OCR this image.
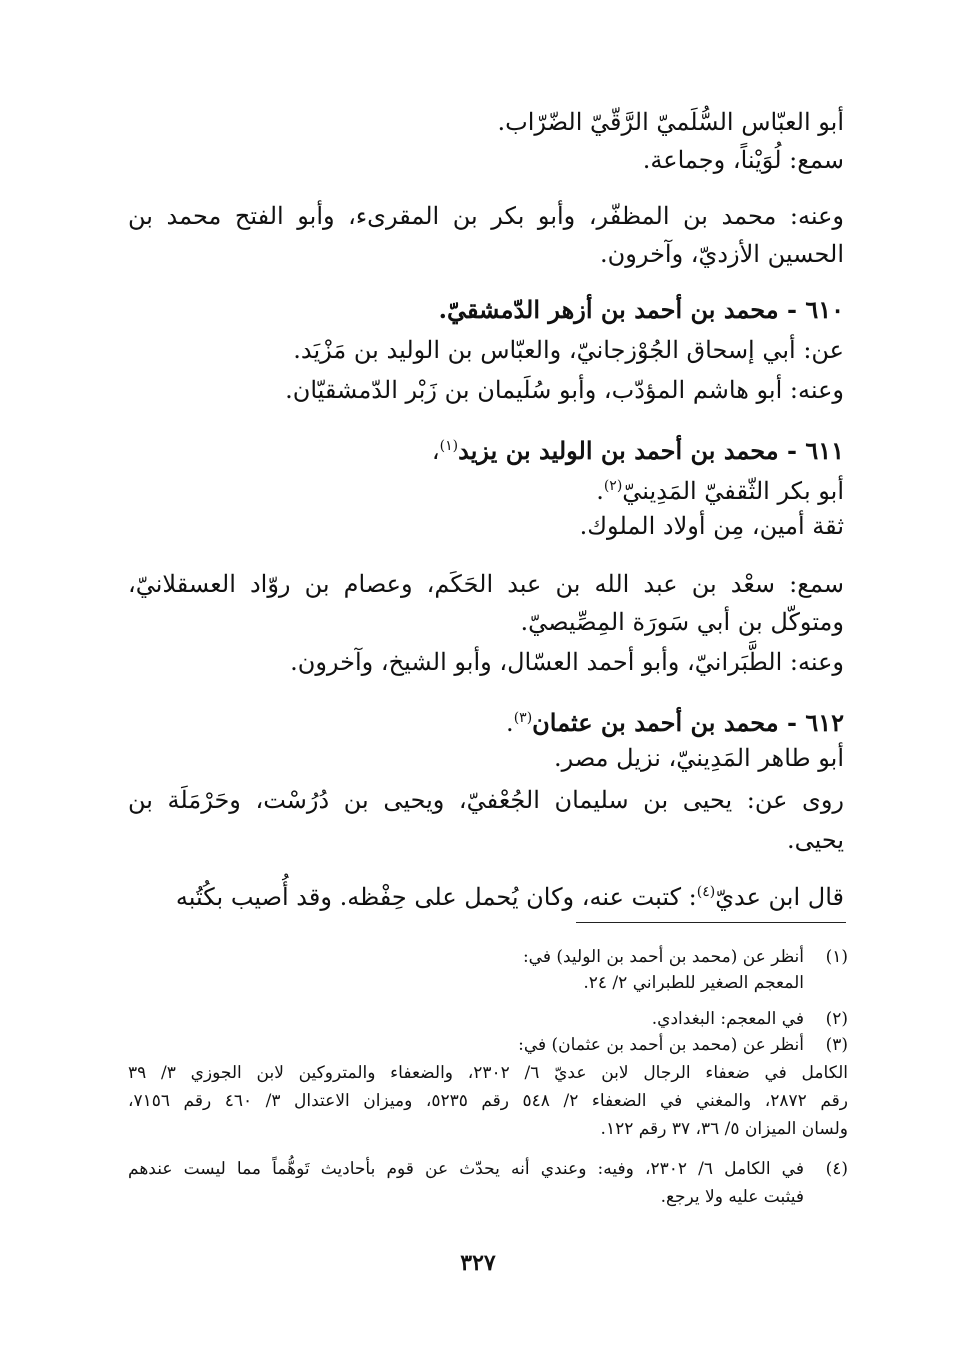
أبو العبّاس السُّلَميّ الرَّقّيّ الضّرّاب.
سمع: لُوَيْناً، وجماعة.
وعنه: محمد بن المظفّر، وأبو بكر بن المقرىء، وأبو الفتح محمد بن
الحسين الأزديّ، وآخرون.
٦١٠ - محمد بن أحمد بن أزهر الدّمشقيّ.
عن: أبي إسحاق الجُوْزجانيّ، والعبّاس بن الوليد بن مَزْيَد.
وعنه: أبو هاشم المؤدّب، وأبو سُلَيمان بن زَبْر الدّمشقيّان.
٦١١ - محمد بن أحمد بن الوليد بن يزيد$^{(١)}$،
أبو بكر الثّقفيّ المَدِينيّ$^{(٢)}$.
ثقة أمين، مِن أولاد الملوك.
سمع: سعْد بن عبد الله بن عبد الحَكَم، وعصام بن روّاد العسقلانيّ،
ومتوكّل بن أبي سَورَة المِصِّيصيّ.
وعنه: الطَّبَرانيّ، وأبو أحمد العسّال، وأبو الشيخ، وآخرون.
٦١٢ - محمد بن أحمد بن عثمان$^{(٣)}$.
أبو طاهر المَدِينيّ، نزيل مصر.
روى عن: يحيى بن سليمان الجُعْفيّ، ويحيى بن دُرُسْت، وحَرْمَلَة بن
يحيى.
قال ابن عديّ$^{(٤)}$: كتبت عنه، وكان يُحمل على حِفْظه. وقد أُصيب بكُتُبه
(١)
أنظر عن (محمد بن أحمد بن الوليد) في:
المعجم الصغير للطبراني ٢/ ٢٤.
(٢)
في المعجم: البغدادي.
(٣)
أنظر عن (محمد بن أحمد بن عثمان) في:
الكامل في ضعفاء الرجال لابن عديّ ٦/ ٢٣٠٢، والضعفاء والمتروكين لابن الجوزي ٣/ ٣٩
رقم ٢٨٧٢، والمغني في الضعفاء ٢/ ٥٤٨ رقم ٥٢٣٥، وميزان الاعتدال ٣/ ٤٦٠ رقم ٧١٥٦،
ولسان الميزان ٥/ ٣٦، ٣٧ رقم ١٢٢.
(٤)
في الكامل ٦/ ٢٣٠٢، وفيه: وعندي أنه يحدّث عن قوم بأحاديث تَوهُّماً مما ليست عندهم
فيثبت عليه ولا يرجع.
٣٢٧
